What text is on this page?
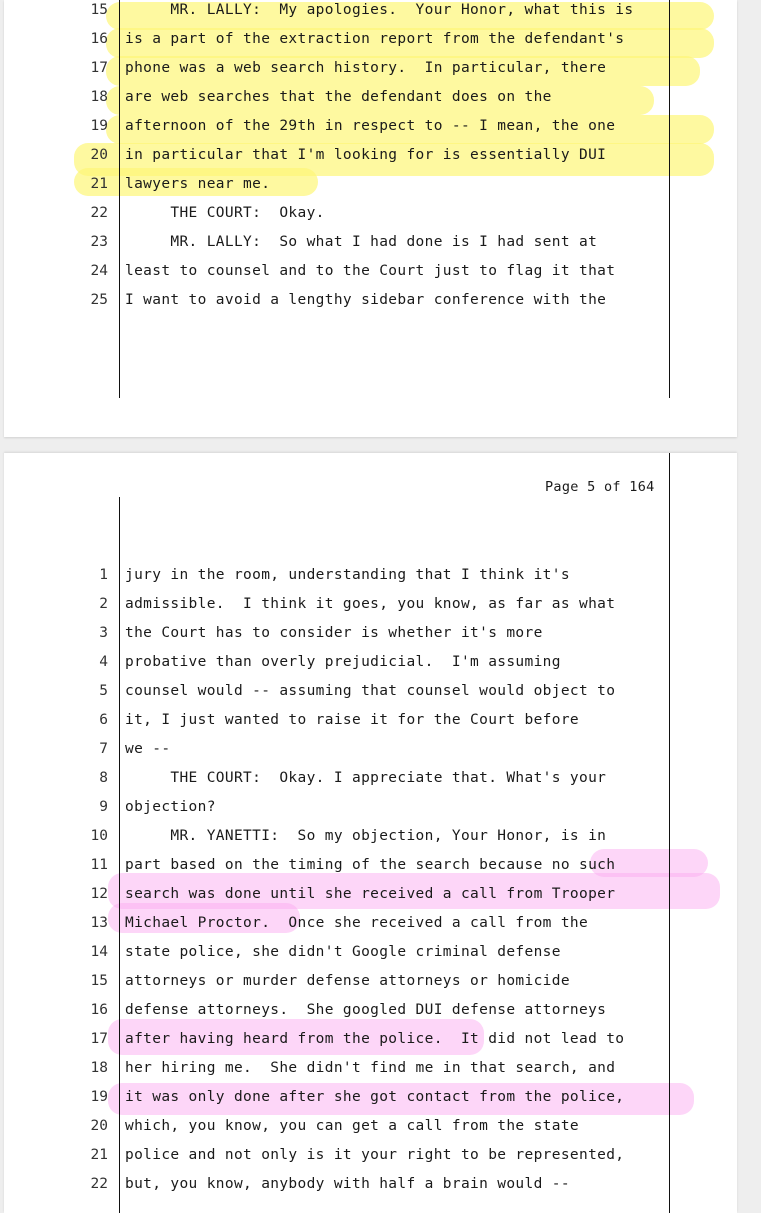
15 MR. LALLY:  My apologies.  Your Honor, what this is
16 is a part of the extraction report from the defendant's
17 phone was a web search history.  In particular, there
18 are web searches that the defendant does on the
19 afternoon of the 29th in respect to -- I mean, the one
20 in particular that I'm looking for is essentially DUI
21 lawyers near me.
22 THE COURT:  Okay.
23 MR. LALLY:  So what I had done is I had sent at
24 least to counsel and to the Court just to flag it that
25 I want to avoid a lengthy sidebar conference with the
Page 5 of 164
1 jury in the room, understanding that I think it's
2 admissible.  I think it goes, you know, as far as what
3 the Court has to consider is whether it's more
4 probative than overly prejudicial.  I'm assuming
5 counsel would -- assuming that counsel would object to
6 it, I just wanted to raise it for the Court before
7 we --
8 THE COURT:  Okay. I appreciate that. What's your
9 objection?
10 MR. YANETTI:  So my objection, Your Honor, is in
11 part based on the timing of the search because no such
12 search was done until she received a call from Trooper
13 Michael Proctor.  Once she received a call from the
14 state police, she didn't Google criminal defense
15 attorneys or murder defense attorneys or homicide
16 defense attorneys.  She googled DUI defense attorneys
17 after having heard from the police.  It did not lead to
18 her hiring me.  She didn't find me in that search, and
19 it was only done after she got contact from the police,
20 which, you know, you can get a call from the state
21 police and not only is it your right to be represented,
22 but, you know, anybody with half a brain would --
